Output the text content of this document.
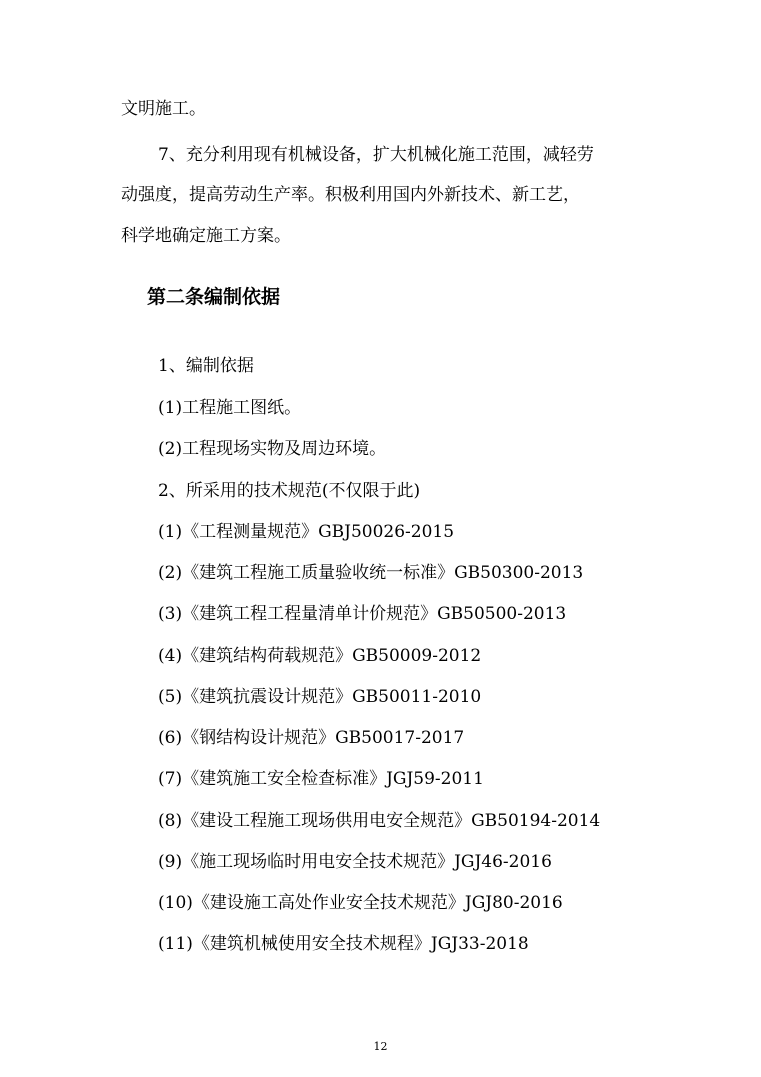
文明施工。
7、充分利用现有机械设备，扩大机械化施工范围，减轻劳
动强度，提高劳动生产率。积极利用国内外新技术、新工艺，
科学地确定施工方案。
第二条编制依据
1、编制依据
(1)工程施工图纸。
(2)工程现场实物及周边环境。
2、所采用的技术规范(不仅限于此)
(1)《工程测量规范》GBJ50026-2015
(2)《建筑工程施工质量验收统一标准》GB50300-2013
(3)《建筑工程工程量清单计价规范》GB50500-2013
(4)《建筑结构荷载规范》GB50009-2012
(5)《建筑抗震设计规范》GB50011-2010
(6)《钢结构设计规范》GB50017-2017
(7)《建筑施工安全检查标准》JGJ59-2011
(8)《建设工程施工现场供用电安全规范》GB50194-2014
(9)《施工现场临时用电安全技术规范》JGJ46-2016
(10)《建设施工高处作业安全技术规范》JGJ80-2016
(11)《建筑机械使用安全技术规程》JGJ33-2018
12
